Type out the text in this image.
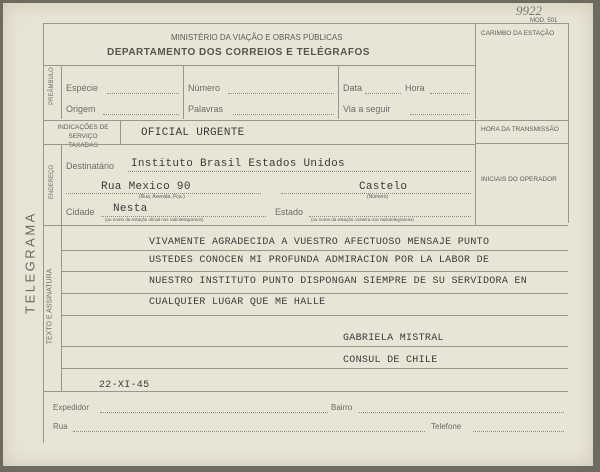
9922
MOD. 501
MINISTÉRIO DA VIAÇÃO E OBRAS PÚBLICAS
DEPARTAMENTO DOS CORREIOS E TELÉGRAFOS
CARIMBO DA ESTAÇÃO
PREÂMBULO Espécie	Número	Data	Hora
Origem	Palavras	Via a seguir
INDICAÇÕES DE SERVIÇO TAXADAS
OFICIAL URGENTE	HORA DA TRANSMISSÃO
INICIAIS DO OPERADOR
ENDEREÇO Destinatário Instituto Brasil Estados Unidos
Rua Mexico 90
(Rua, Avenida, Pça.)
Castelo
(Número)
Cidade Nesta
(ou nome da estação oficial nos radiotelegramas)
Estado
(ou nome da estação costeira nos radiotelegramas)
TEXTO E ASSINATURA
TELEGRAMA	VIVAMENTE AGRADECIDA A VUESTRO AFECTUOSO MENSAJE PUNTO
USTEDES CONOCEN MI PROFUNDA ADMIRACION POR LA LABOR DE
NUESTRO INSTITUTO PUNTO DISPONGAN SIEMPRE DE SU SERVIDORA EN
CUALQUIER LUGAR QUE ME HALLE
GABRIELA MISTRAL
CONSUL DE CHILE
22-XI-45
Expedidor	Bairro
Rua	Telefone
